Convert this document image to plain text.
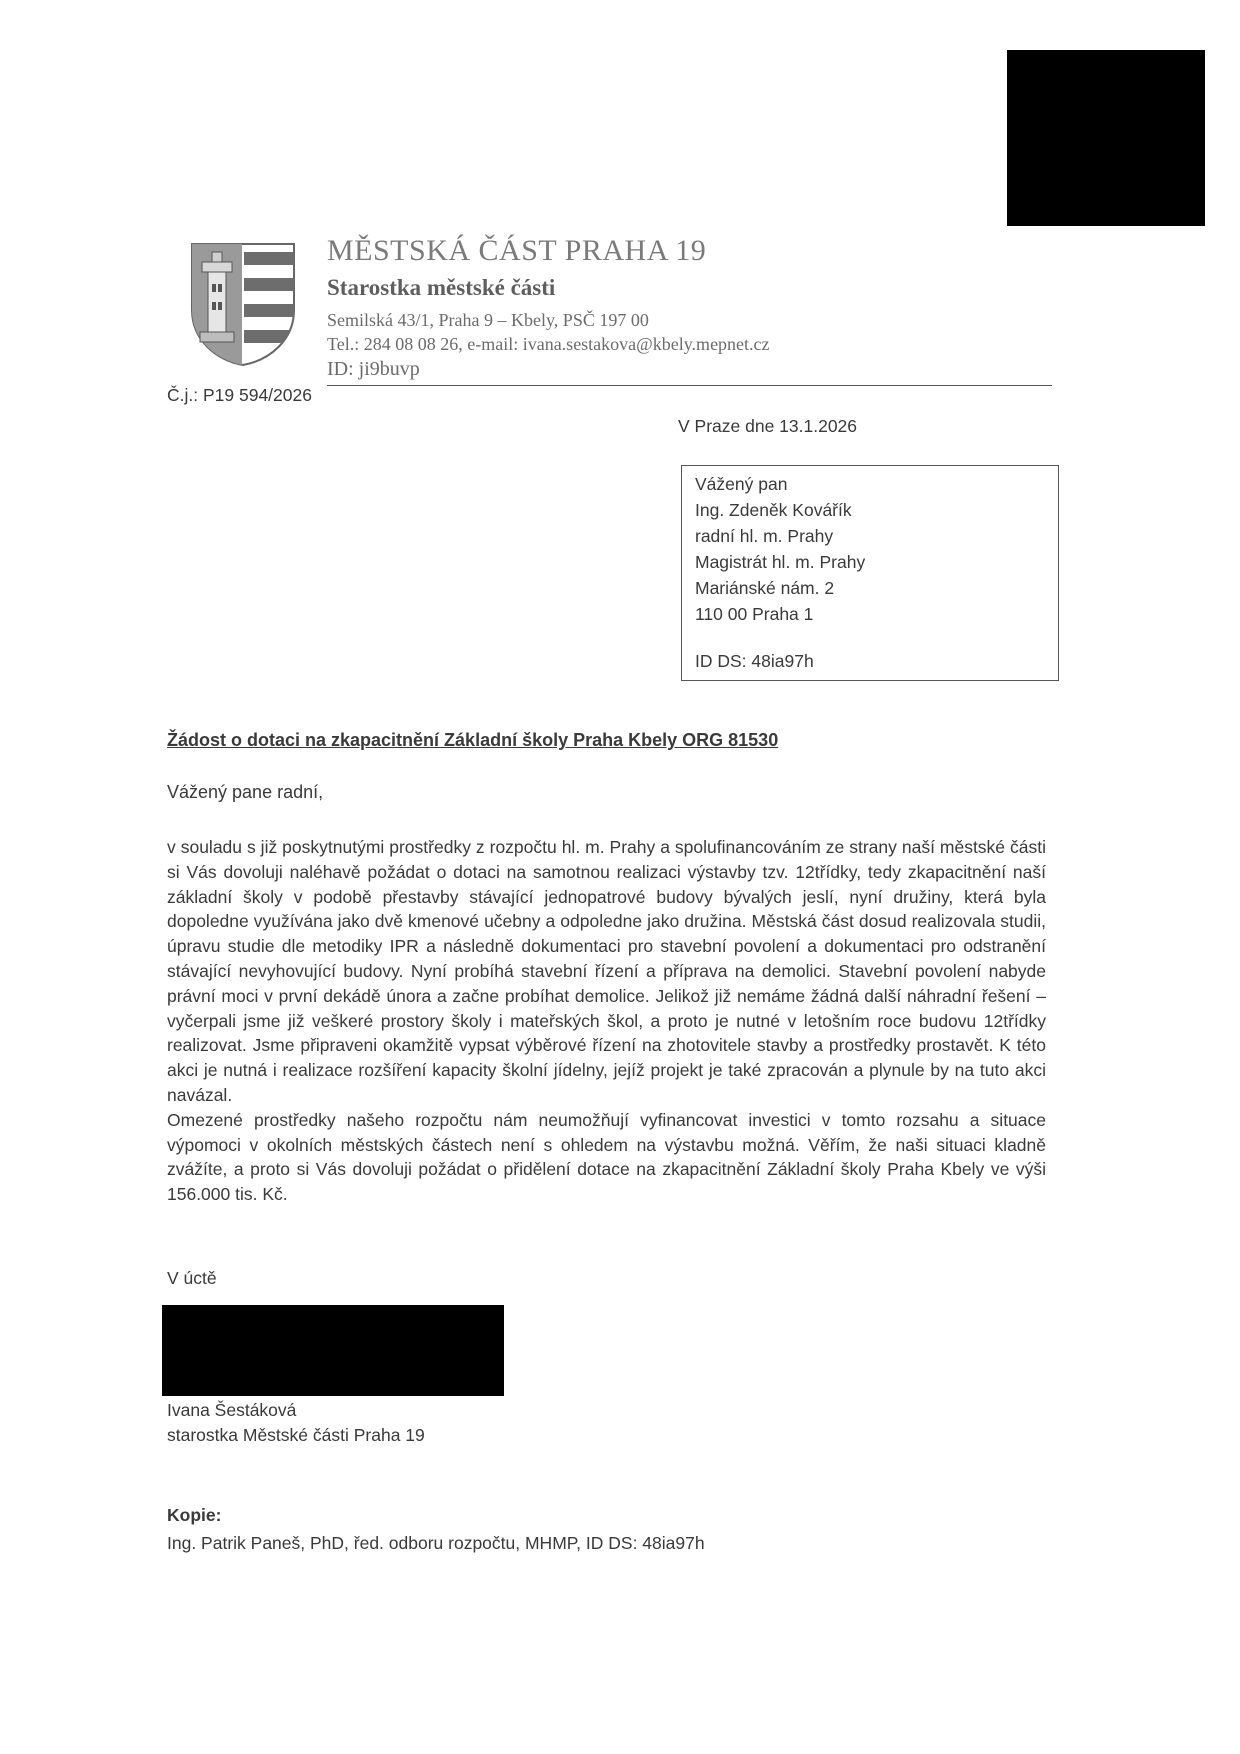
MĚSTSKÁ ČÁST PRAHA 19
Starostka městské části
Semilská 43/1, Praha 9 – Kbely, PSČ 197 00
Tel.: 284 08 08 26, e-mail: ivana.sestakova@kbely.mepnet.cz
ID: ji9buvp
Č.j.: P19 594/2026
V Praze dne 13.1.2026
Vážený pan
Ing. Zdeněk Kovářík
radní hl. m. Prahy
Magistrát hl. m. Prahy
Mariánské nám. 2
110 00 Praha 1
ID DS: 48ia97h
Žádost o dotaci na zkapacitnění Základní školy Praha Kbely ORG 81530
Vážený pane radní,

v souladu s již poskytnutými prostředky z rozpočtu hl. m. Prahy a spolufinancováním ze strany naší městské části si Vás dovoluji naléhavě požádat o dotaci na samotnou realizaci výstavby tzv. 12třídky, tedy zkapacitnění naší základní školy v podobě přestavby stávající jednopatrové budovy bývalých jeslí, nyní družiny, která byla dopoledne využívána jako dvě kmenové učebny a odpoledne jako družina. Městská část dosud realizovala studii, úpravu studie dle metodiky IPR a následně dokumentaci pro stavební povolení a dokumentaci pro odstranění stávající nevyhovující budovy. Nyní probíhá stavební řízení a příprava na demolici. Stavební povolení nabyde právní moci v první dekádě února a začne probíhat demolice. Jelikož již nemáme žádná další náhradní řešení – vyčerpali jsme již veškeré prostory školy i mateřských škol, a proto je nutné v letošním roce budovu 12třídky realizovat. Jsme připraveni okamžitě vypsat výběrové řízení na zhotovitele stavby a prostředky prostavět. K této akci je nutná i realizace rozšíření kapacity školní jídelny, jejíž projekt je také zpracován a plynule by na tuto akci navázal.

Omezené prostředky našeho rozpočtu nám neumožňují vyfinancovat investici v tomto rozsahu a situace výpomoci v okolních městských částech není s ohledem na výstavbu možná. Věřím, že naši situaci kladně zvážíte, a proto si Vás dovoluji požádat o přidělení dotace na zkapacitnění Základní školy Praha Kbely ve výši 156.000 tis. Kč.

V úctě
Ivana Šestáková
starostka Městské části Praha 19
Kopie:
Ing. Patrik Paneš, PhD, řed. odboru rozpočtu, MHMP, ID DS: 48ia97h
